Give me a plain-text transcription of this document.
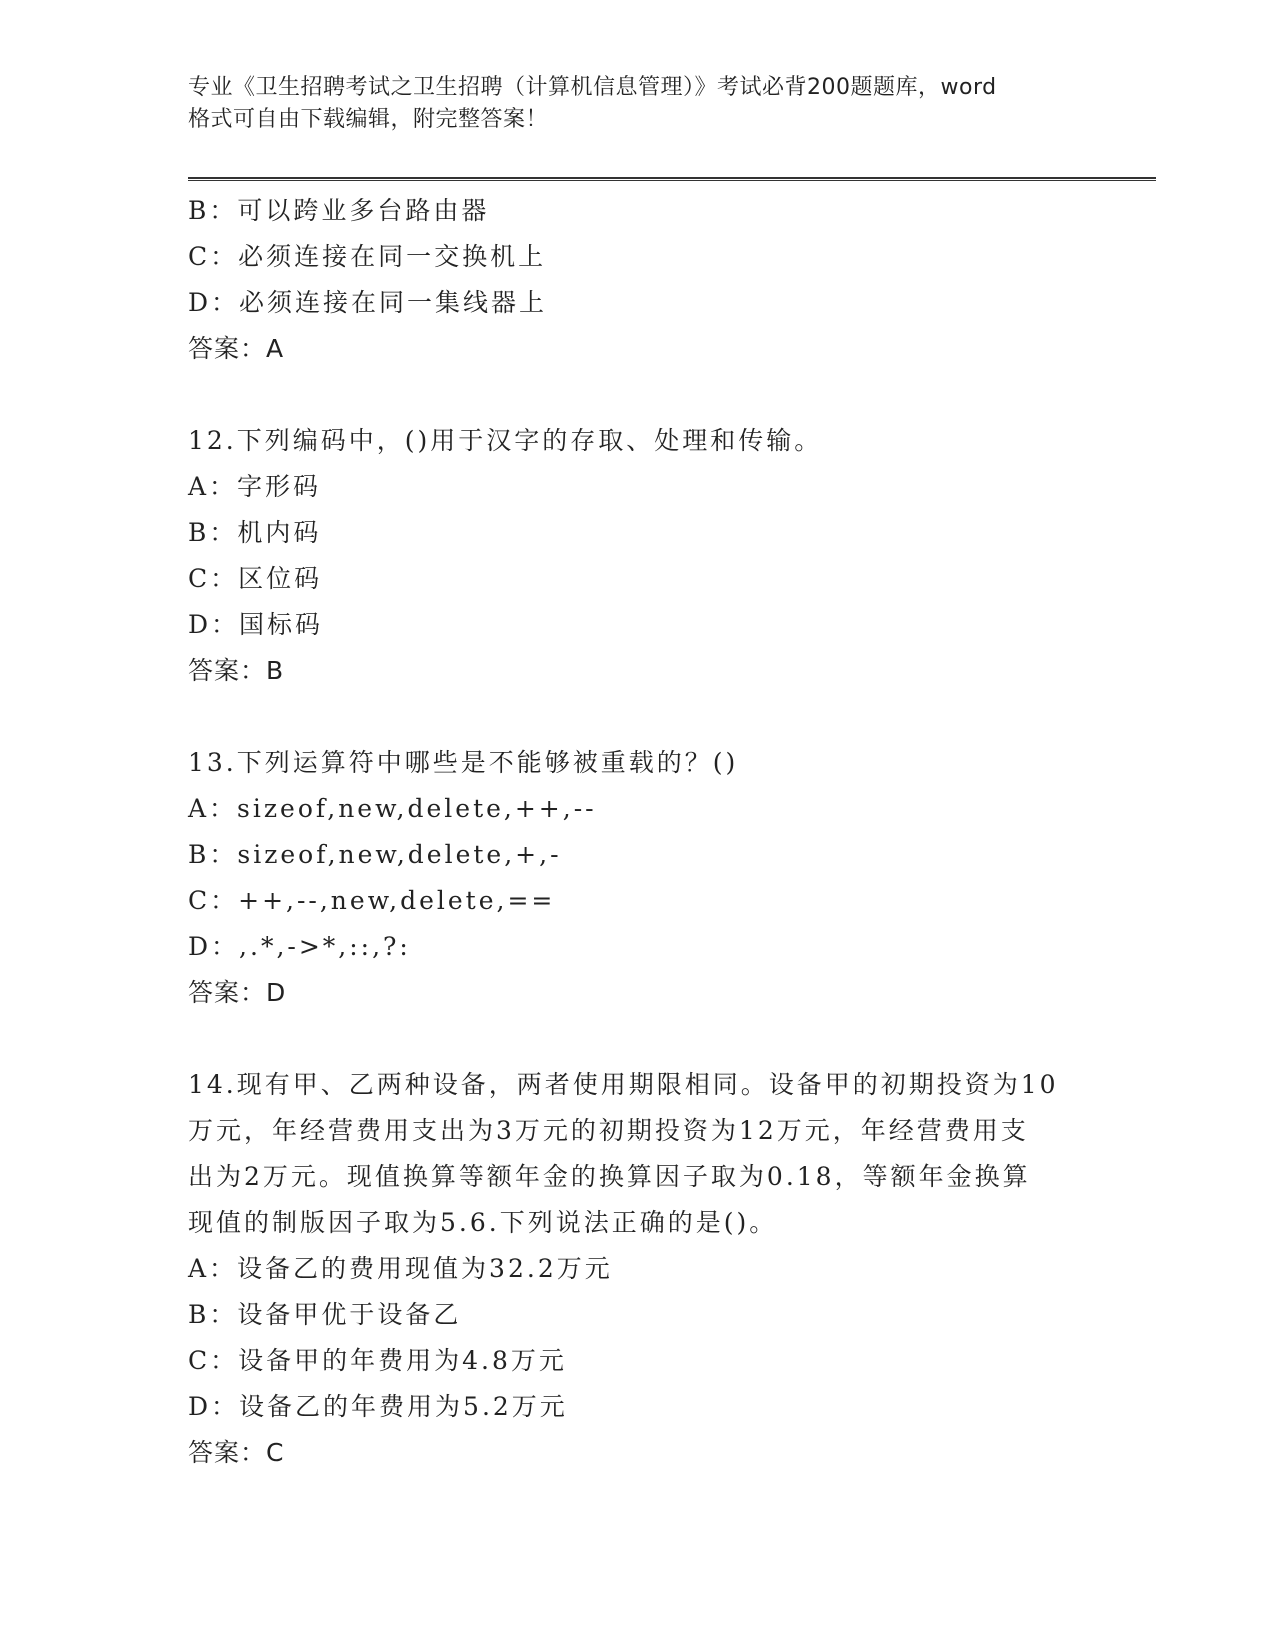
专业《卫生招聘考试之卫生招聘（计算机信息管理）》考试必背200题题库，word
格式可自由下载编辑，附完整答案！
B：可以跨业多台路由器
C：必须连接在同一交换机上
D：必须连接在同一集线器上
答案：A
12.下列编码中，()用于汉字的存取、处理和传输。
A：字形码
B：机内码
C：区位码
D：国标码
答案：B
13.下列运算符中哪些是不能够被重载的？()
A：sizeof,new,delete,++,--
B：sizeof,new,delete,+,-
C：++,--,new,delete,==
D：,.*,->*,::,?:
答案：D
14.现有甲、乙两种设备，两者使用期限相同。设备甲的初期投资为10
万元，年经营费用支出为3万元的初期投资为12万元，年经营费用支
出为2万元。现值换算等额年金的换算因子取为0.18，等额年金换算
现值的制版因子取为5.6.下列说法正确的是()。
A：设备乙的费用现值为32.2万元
B：设备甲优于设备乙
C：设备甲的年费用为4.8万元
D：设备乙的年费用为5.2万元
答案：C
